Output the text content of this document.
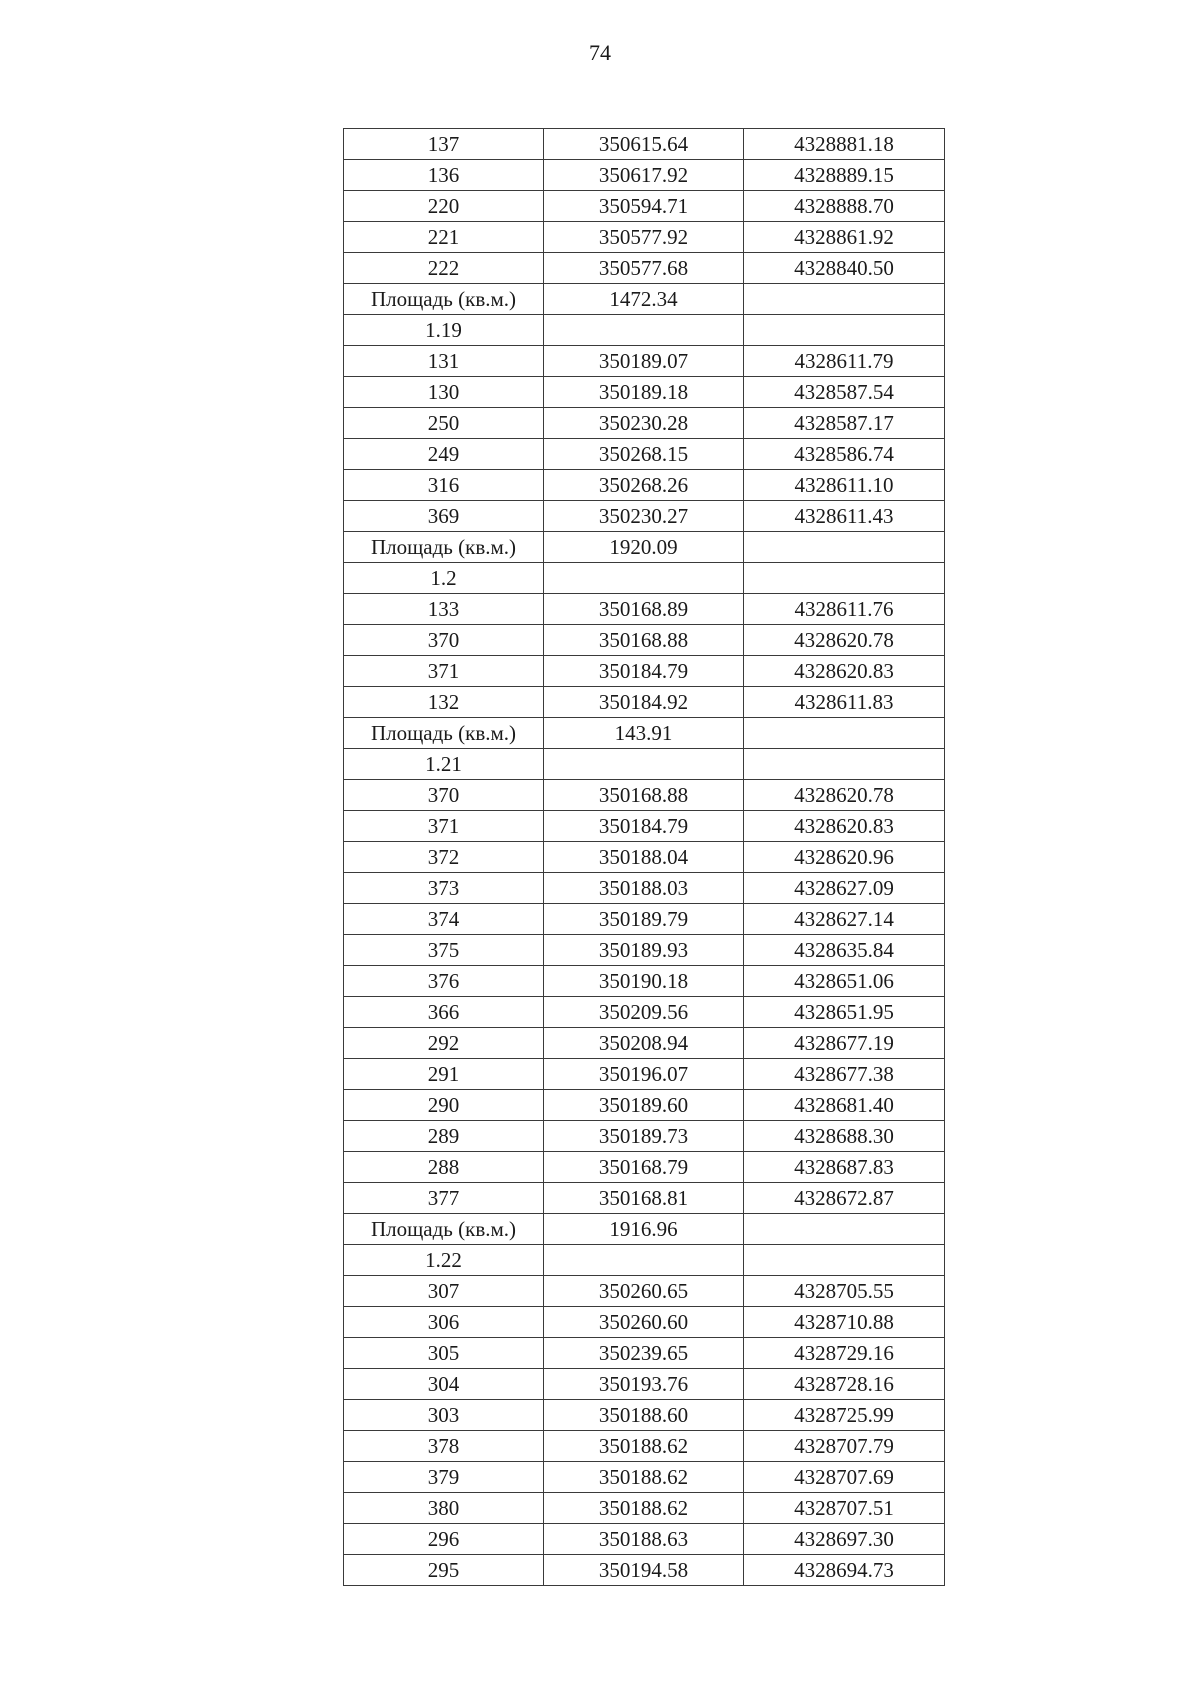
74
137	350615.64	4328881.18
136	350617.92	4328889.15
220	350594.71	4328888.70
221	350577.92	4328861.92
222	350577.68	4328840.50
Площадь (кв.м.)	1472.34	
1.19		
131	350189.07	4328611.79
130	350189.18	4328587.54
250	350230.28	4328587.17
249	350268.15	4328586.74
316	350268.26	4328611.10
369	350230.27	4328611.43
Площадь (кв.м.)	1920.09	
1.2		
133	350168.89	4328611.76
370	350168.88	4328620.78
371	350184.79	4328620.83
132	350184.92	4328611.83
Площадь (кв.м.)	143.91	
1.21		
370	350168.88	4328620.78
371	350184.79	4328620.83
372	350188.04	4328620.96
373	350188.03	4328627.09
374	350189.79	4328627.14
375	350189.93	4328635.84
376	350190.18	4328651.06
366	350209.56	4328651.95
292	350208.94	4328677.19
291	350196.07	4328677.38
290	350189.60	4328681.40
289	350189.73	4328688.30
288	350168.79	4328687.83
377	350168.81	4328672.87
Площадь (кв.м.)	1916.96	
1.22		
307	350260.65	4328705.55
306	350260.60	4328710.88
305	350239.65	4328729.16
304	350193.76	4328728.16
303	350188.60	4328725.99
378	350188.62	4328707.79
379	350188.62	4328707.69
380	350188.62	4328707.51
296	350188.63	4328697.30
295	350194.58	4328694.73
